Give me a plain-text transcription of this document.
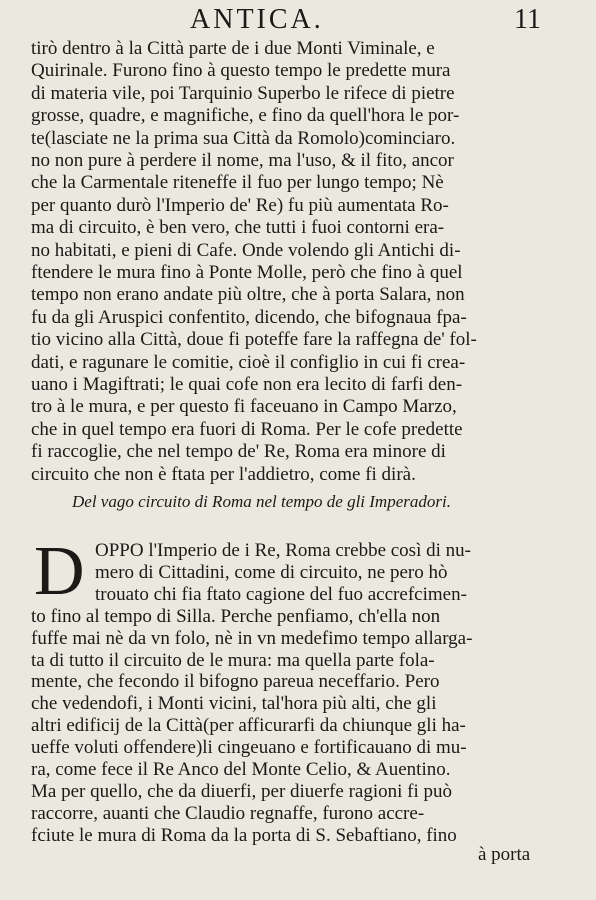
ANTICA.	11
tirò dentro à la Città parte de i due Monti Viminale, e
Quirinale. Furono fino à questo tempo le predette mura
di materia vile, poi Tarquinio Superbo le rifece di pietre
grosse, quadre, e magnifiche, e fino da quell'hora le por-
te(lasciate ne la prima sua Città da Romolo)cominciaro.
no non pure à perdere il nome, ma l'uso, & il fito, ancor
che la Carmentale riteneffe il fuo per lungo tempo; Nè
per quanto durò l'Imperio de' Re) fu più aumentata Ro-
ma di circuito, è ben vero, che tutti i fuoi contorni era-
no habitati, e pieni di Cafe. Onde volendo gli Antichi di-
ftendere le mura fino à Ponte Molle, però che fino à quel
tempo non erano andate più oltre, che à porta Salara, non
fu da gli Aruspici confentito, dicendo, che bifognaua fpa-
tio vicino alla Città, doue fi poteffe fare la raffegna de' fol-
dati, e ragunare le comitie, cioè il configlio in cui fi crea-
uano i Magiftrati; le quai cofe non era lecito di farfi den-
tro à le mura, e per questo fi faceuano in Campo Marzo,
che in quel tempo era fuori di Roma. Per le cofe predette
fi raccoglie, che nel tempo de' Re, Roma era minore di
circuito che non è ftata per l'addietro, come fi dirà.
Del vago circuito di Roma nel tempo de gli Imperadori.
D OPPO l'Imperio de i Re, Roma crebbe così di nu-
mero di Cittadini, come di circuito, ne pero hò
trouato chi fia ftato cagione del fuo accrefcimen-
to fino al tempo di Silla. Perche penfiamo, ch'ella non
fuffe mai nè da vn folo, nè in vn medefimo tempo allarga-
ta di tutto il circuito de le mura: ma quella parte fola-
mente, che fecondo il bifogno pareua neceffario. Pero
che vedendofi, i Monti vicini, tal'hora più alti, che gli
altri edificij de la Città(per afficurarfi da chiunque gli ha-
ueffe voluti offendere)li cingeuano e fortificauano di mu-
ra, come fece il Re Anco del Monte Celio, & Auentino.
Ma per quello, che da diuerfi, per diuerfe ragioni fi può
raccorre, auanti che Claudio regnaffe, furono accre-
fciute le mura di Roma da la porta di S. Sebaftiano, fino
à porta
